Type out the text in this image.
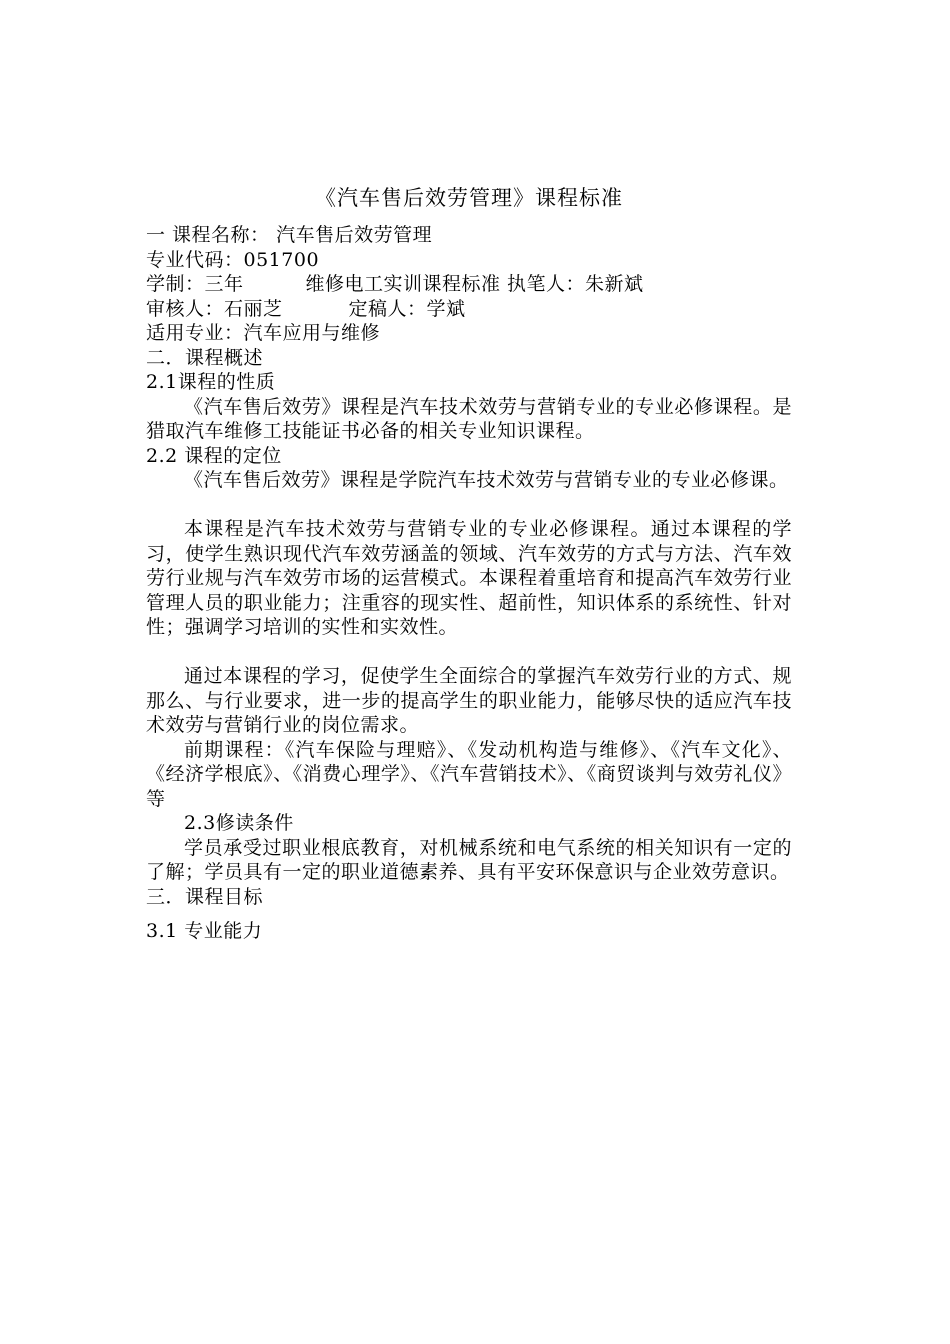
《汽车售后效劳管理》课程标准

一 课程名称： 汽车售后效劳管理

专业代码：051700

学制：三年	维修电工实训课程标准 执笔人：朱新斌

审核人：石丽芝	定稿人：学斌

适用专业：汽车应用与维修

二．课程概述

2.1课程的性质

《汽车售后效劳》课程是汽车技术效劳与营销专业的专业必修课程。是猎取汽车维修工技能证书必备的相关专业知识课程。

2.2 课程的定位

《汽车售后效劳》课程是学院汽车技术效劳与营销专业的专业必修课。

本课程是汽车技术效劳与营销专业的专业必修课程。通过本课程的学习，使学生熟识现代汽车效劳涵盖的领域、汽车效劳的方式与方法、汽车效劳行业规与汽车效劳市场的运营模式。本课程着重培育和提高汽车效劳行业管理人员的职业能力；注重容的现实性、超前性，知识体系的系统性、针对性；强调学习培训的实性和实效性。

通过本课程的学习，促使学生全面综合的掌握汽车效劳行业的方式、规那么、与行业要求，进一步的提高学生的职业能力，能够尽快的适应汽车技术效劳与营销行业的岗位需求。

前期课程：《汽车保险与理赔》、《发动机构造与维修》、《汽车文化》、《经济学根底》、《消费心理学》、《汽车营销技术》、《商贸谈判与效劳礼仪》等

2.3修读条件

学员承受过职业根底教育，对机械系统和电气系统的相关知识有一定的了解；学员具有一定的职业道德素养、具有平安环保意识与企业效劳意识。

三．课程目标

3.1 专业能力
